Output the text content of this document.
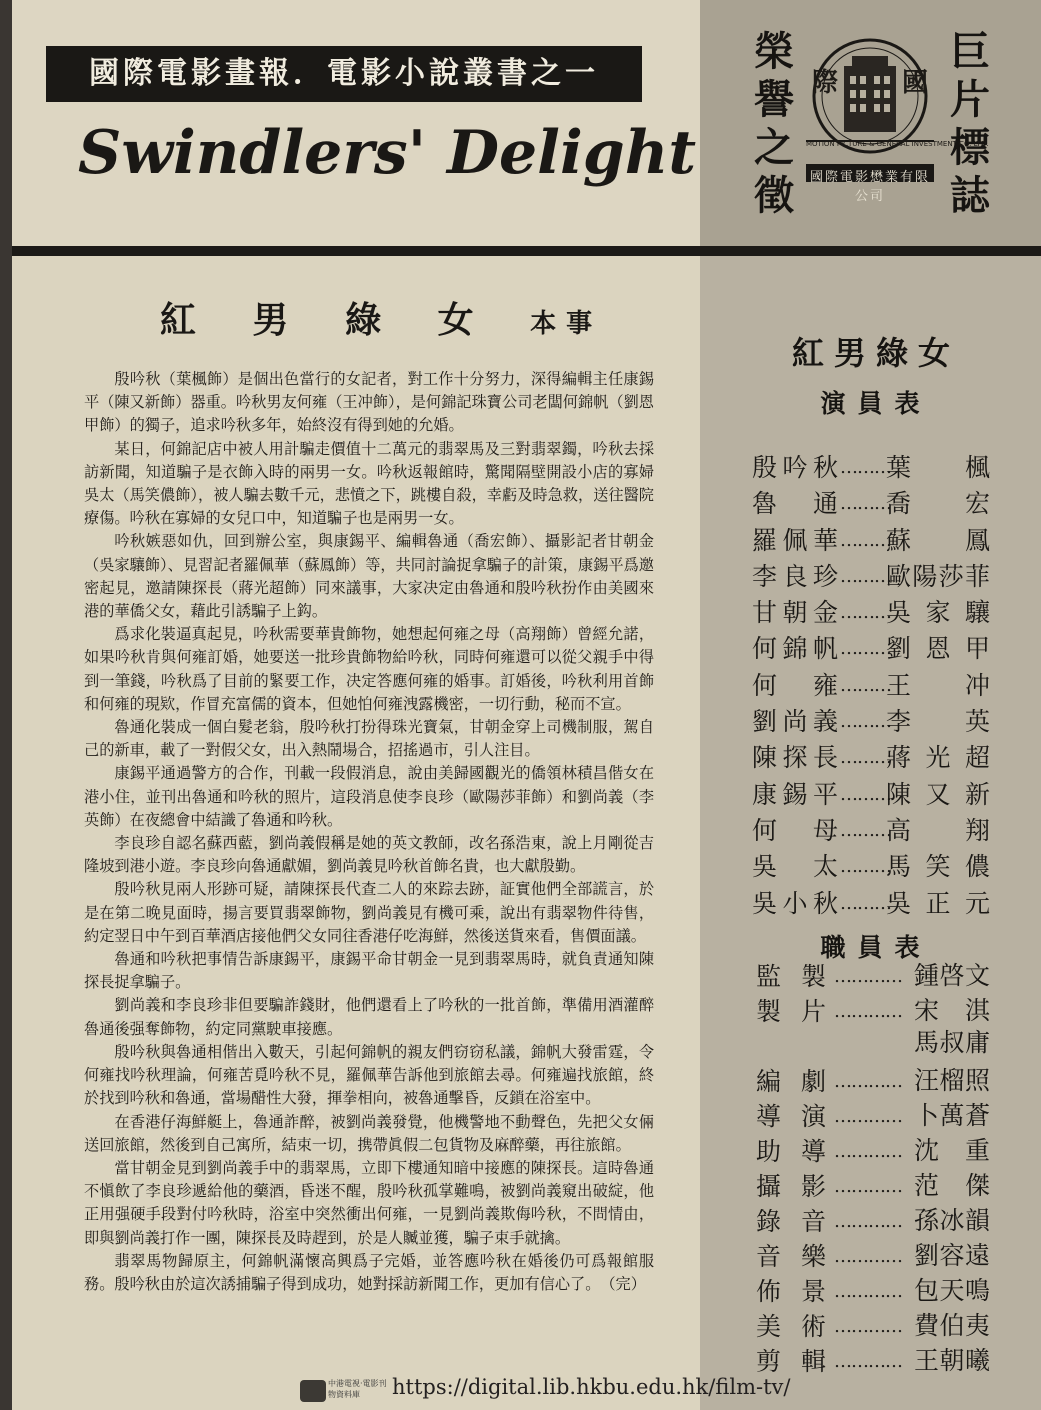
國際電影畫報．電影小說叢書之一
Swindlers' Delight
巨
片
標
誌
榮
譽
之
徵
際 國
MOTION PICTURE & GENERAL INVESTMENT CO. LTD.
國際電影懋業有限公司
紅 男 綠 女 本事

殷吟秋（葉楓飾）是個出色當行的女記者，對工作十分努力，深得編輯主任康錫平（陳又新飾）器重。吟秋男友何雍（王冲飾），是何錦記珠寶公司老闆何錦帆（劉恩甲飾）的獨子，追求吟秋多年，始終沒有得到她的允婚。

某日，何錦記店中被人用計騙走價值十二萬元的翡翠馬及三對翡翠鐲，吟秋去採訪新聞，知道騙子是衣飾入時的兩男一女。吟秋返報館時，驚聞隔壁開設小店的寡婦吳太（馬笑儂飾），被人騙去數千元，悲憤之下，跳樓自殺，幸虧及時急救，送往醫院療傷。吟秋在寡婦的女兒口中，知道騙子也是兩男一女。

吟秋嫉惡如仇，回到辦公室，與康錫平、編輯魯通（喬宏飾）、攝影記者甘朝金（吳家驤飾）、見習記者羅佩華（蘇鳳飾）等，共同討論捉拿騙子的計策，康錫平爲邀密起見，邀請陳探長（蔣光超飾）同來議事，大家决定由魯通和殷吟秋扮作由美國來港的華僑父女，藉此引誘騙子上鈎。

爲求化裝逼真起見，吟秋需要華貴飾物，她想起何雍之母（高翔飾）曾經允諾，如果吟秋肯與何雍訂婚，她要送一批珍貴飾物給吟秋，同時何雍還可以從父親手中得到一筆錢，吟秋爲了目前的緊要工作，决定答應何雍的婚事。訂婚後，吟秋利用首飾和何雍的現欵，作冒充富儒的資本，但她怕何雍洩露機密，一切行動，秘而不宣。

魯通化裝成一個白髮老翁，殷吟秋打扮得珠光寶氣，甘朝金穿上司機制服，駕自己的新車，載了一對假父女，出入熱鬧場合，招搖過市，引人注目。

康錫平通過警方的合作，刊載一段假消息，說由美歸國觀光的僑領林積昌偕女在港小住，並刊出魯通和吟秋的照片，這段消息使李良珍（歐陽莎菲飾）和劉尚義（李英飾）在夜總會中結識了魯通和吟秋。

李良珍自認名蘇西藍，劉尚義假稱是她的英文教師，改名孫浩東，說上月剛從吉隆坡到港小遊。李良珍向魯通獻媚，劉尚義見吟秋首飾名貴，也大獻殷勤。

殷吟秋見兩人形跡可疑，請陳探長代查二人的來踪去跡，証實他們全部謊言，於是在第二晚見面時，揚言要買翡翠飾物，劉尚義見有機可乘，說出有翡翠物件待售，約定翌日中午到百華酒店接他們父女同往香港仔吃海鮮，然後送貨來看，售價面議。

魯通和吟秋把事情告訴康錫平，康錫平命甘朝金一見到翡翠馬時，就負責通知陳探長捉拿騙子。

劉尚義和李良珍非但要騙詐錢財，他們還看上了吟秋的一批首飾，準備用酒灌醉魯通後强奪飾物，約定同黨駛車接應。

殷吟秋與魯通相偕出入數天，引起何錦帆的親友們窃窃私議，錦帆大發雷霆，令何雍找吟秋理論，何雍苦覓吟秋不見，羅佩華告訴他到旅館去尋。何雍遍找旅館，終於找到吟秋和魯通，當場醋性大發，揮拳相向，被魯通擊昏，反鎖在浴室中。

在香港仔海鮮艇上，魯通詐醉，被劉尚義發覺，他機警地不動聲色，先把父女倆送回旅館，然後到自己寓所，結束一切，携帶眞假二包貨物及麻醉藥，再往旅館。

當甘朝金見到劉尚義手中的翡翠馬，立即下樓通知暗中接應的陳探長。這時魯通不愼飲了李良珍遞給他的藥酒，昏迷不醒，殷吟秋孤掌難鳴，被劉尚義窺出破綻，他正用强硬手段對付吟秋時，浴室中突然衝出何雍，一見劉尚義欺侮吟秋，不問情由，即與劉尚義打作一團，陳探長及時趕到，於是人贓並獲，騙子束手就擒。

翡翠馬物歸原主，何錦帆滿懷高興爲子完婚，並答應吟秋在婚後仍可爲報館服務。殷吟秋由於這次誘捕騙子得到成功，她對採訪新聞工作，更加有信心了。　（完）

紅男綠女
演員表
殷吟秋 ………
葉　楓
魯　通 ………
喬　宏
羅佩華 ………
蘇　鳳
李良珍 ………
歐陽莎菲
甘朝金 ………
吳家驤
何錦帆 ………
劉恩甲
何　雍 ………
王　冲
劉尚義 ………
李　英
陳探長 ………
蔣光超
康錫平 ………
陳又新
何　母 ………
高　翔
吳　太 ………
馬笑儂
吳小秋 ………
吳正元
職員表
監製 ………… 鍾啓文
製片 ………… 宋淇
馬叔庸
編劇 ………… 汪榴照
導演 ………… 卜萬蒼
助導 ………… 沈重
攝影 ………… 范傑
錄音 ………… 孫冰韻
音樂 ………… 劉容遠
佈景 ………… 包天鳴
美術 ………… 費伯夷
剪輯 ………… 王朝曦
中港電視‧電影刊物資料庫	https://digital.lib.hkbu.edu.hk/film-tv/
